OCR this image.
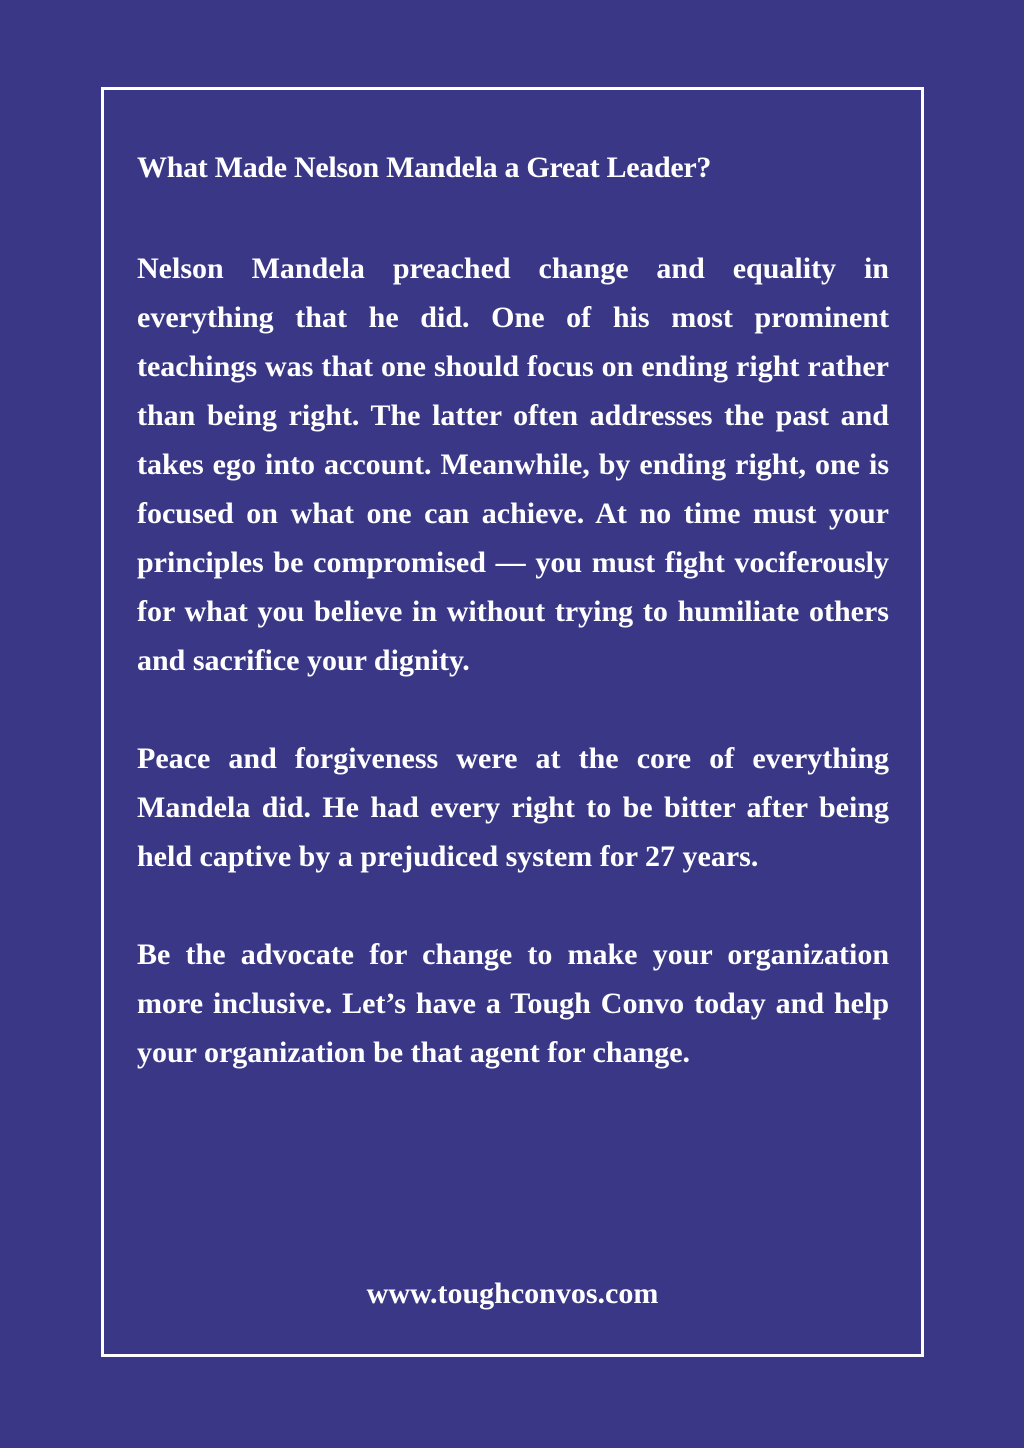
What Made Nelson Mandela a Great Leader?

Nelson Mandela preached change and equality in everything that he did. One of his most prominent teachings was that one should focus on ending right rather than being right. The latter often addresses the past and takes ego into account. Meanwhile, by ending right, one is focused on what one can achieve. At no time must your principles be compromised — you must fight vociferously for what you believe in without trying to humiliate others and sacrifice your dignity.

Peace and forgiveness were at the core of everything Mandela did. He had every right to be bitter after being held captive by a prejudiced system for 27 years.

Be the advocate for change to make your organization more inclusive. Let’s have a Tough Convo today and help your organization be that agent for change.

www.toughconvos.com
